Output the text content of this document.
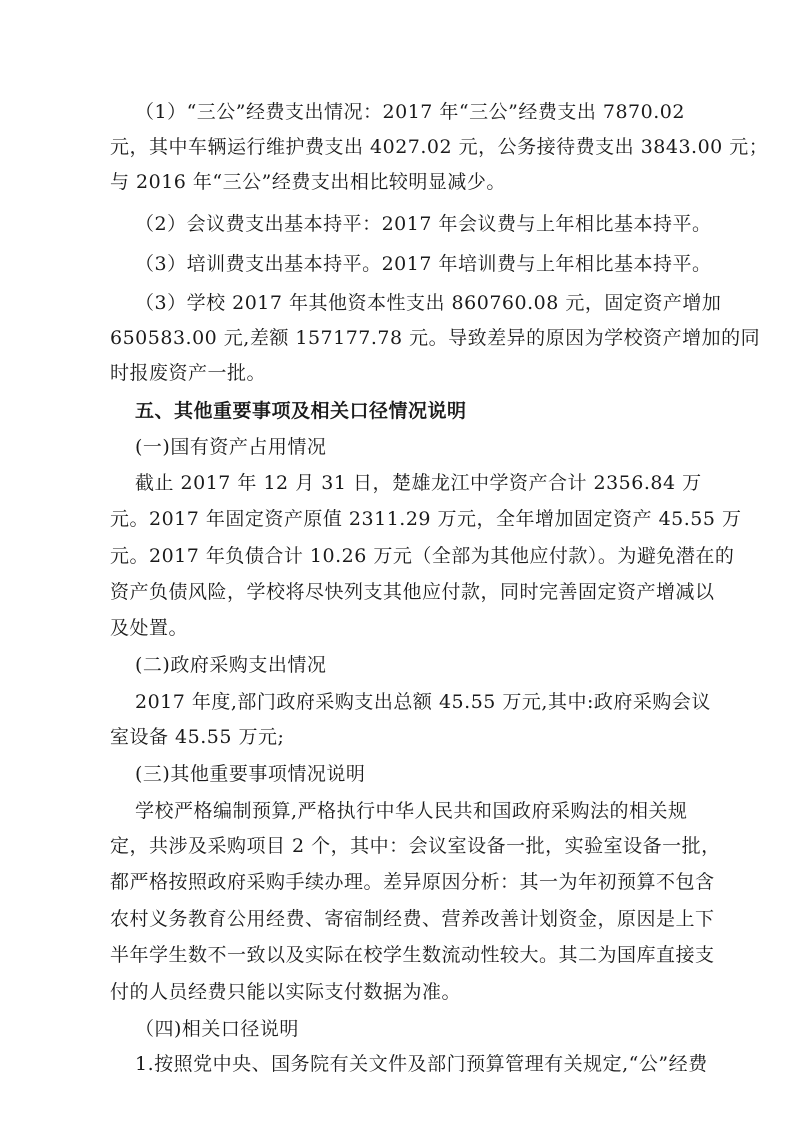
（1）“三公”经费支出情况：2017 年“三公”经费支出 7870.02
元，其中车辆运行维护费支出 4027.02 元，公务接待费支出 3843.00 元；
与 2016 年“三公”经费支出相比较明显减少。
（2）会议费支出基本持平：2017 年会议费与上年相比基本持平。
（3）培训费支出基本持平。2017 年培训费与上年相比基本持平。
（3）学校 2017 年其他资本性支出 860760.08 元，固定资产增加
650583.00 元,差额 157177.78 元。导致差异的原因为学校资产增加的同
时报废资产一批。
五、其他重要事项及相关口径情况说明
(一)国有资产占用情况
截止 2017 年 12 月 31 日，楚雄龙江中学资产合计 2356.84 万
元。2017 年固定资产原值 2311.29 万元，全年增加固定资产 45.55 万
元。2017 年负债合计 10.26 万元（全部为其他应付款）。为避免潜在的
资产负债风险，学校将尽快列支其他应付款，同时完善固定资产增减以
及处置。
(二)政府采购支出情况
2017 年度,部门政府采购支出总额 45.55 万元,其中:政府采购会议
室设备 45.55 万元;
(三)其他重要事项情况说明
学校严格编制预算,严格执行中华人民共和国政府采购法的相关规
定，共涉及采购项目 2 个，其中：会议室设备一批，实验室设备一批，
都严格按照政府采购手续办理。差异原因分析：其一为年初预算不包含
农村义务教育公用经费、寄宿制经费、营养改善计划资金，原因是上下
半年学生数不一致以及实际在校学生数流动性较大。其二为国库直接支
付的人员经费只能以实际支付数据为准。
（四)相关口径说明
1.按照党中央、国务院有关文件及部门预算管理有关规定,“公”经费
